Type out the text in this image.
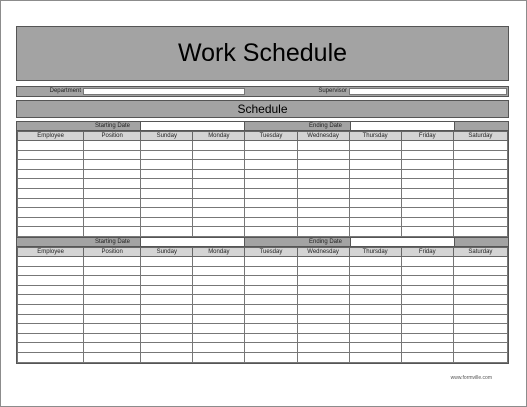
Work Schedule
Department	Supervisor
Schedule
Starting Date	Ending Date
Employee	Position	Sunday	Monday	Tuesday	Wednesday	Thursday	Friday	Saturday

Starting Date	Ending Date
Employee	Position	Sunday	Monday	Tuesday	Wednesday	Thursday	Friday	Saturday

www.formville.com
